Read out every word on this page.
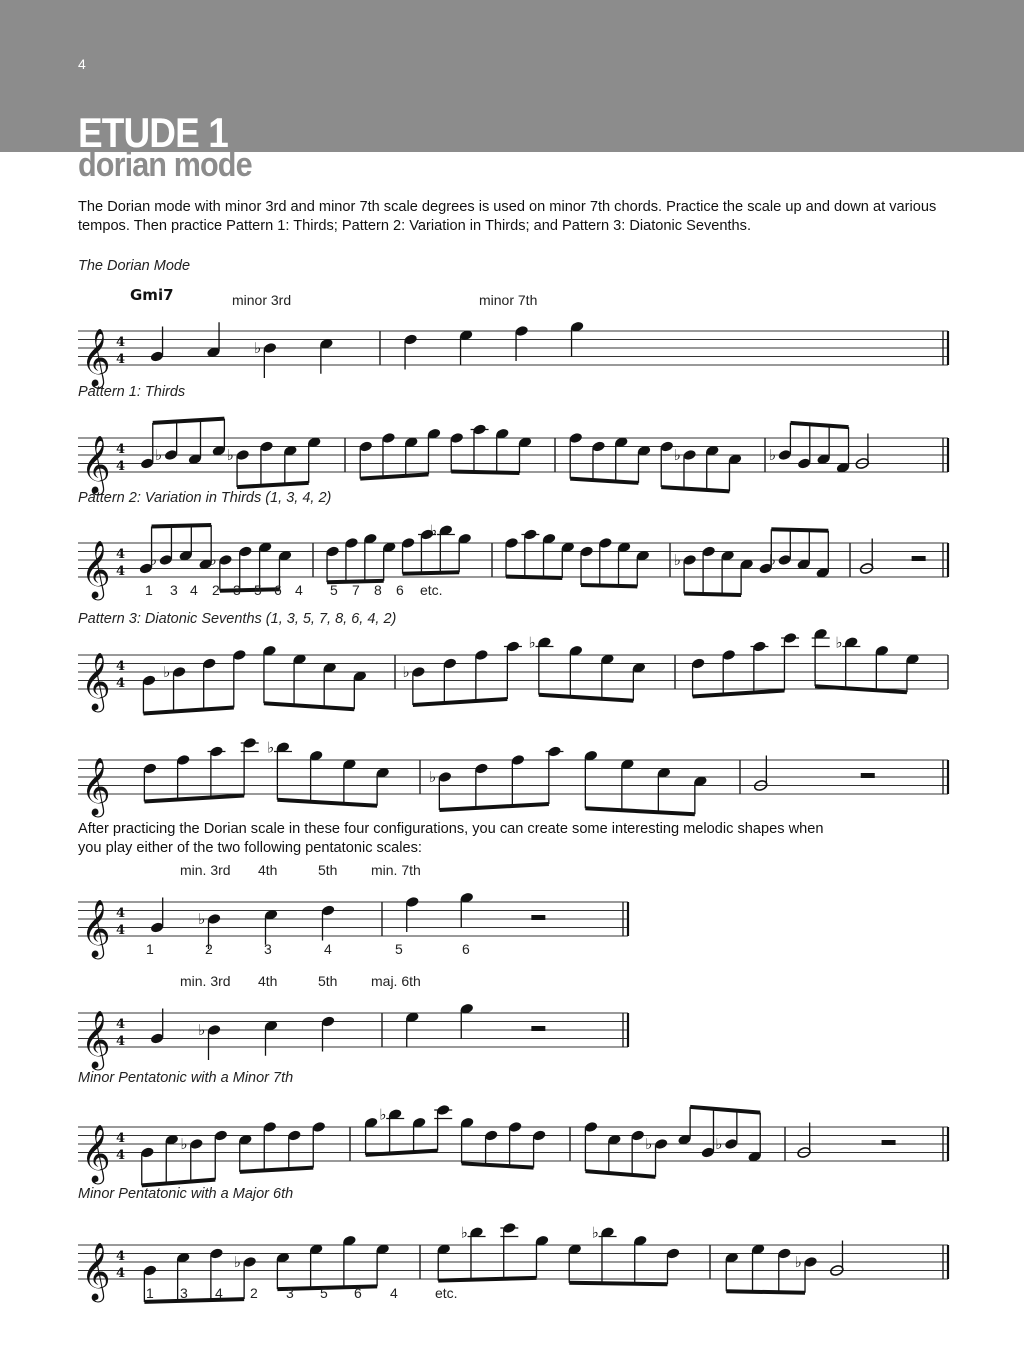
4
ETUDE 1
dorian mode
The Dorian mode with minor 3rd and minor 7th scale degrees is used on minor 7th chords. Practice the scale up and down at various tempos. Then practice Pattern 1: Thirds; Pattern 2: Variation in Thirds; and Pattern 3: Diatonic Sevenths.
The Dorian Mode
𝄞 4
4
♭
Gmi7	minor 3rd	minor 7th
Pattern 1: Thirds
𝄞 4
4
♭	♭	♭	♭
Pattern 2: Variation in Thirds (1, 3, 4, 2)
𝄞 4
4
♭	♭
♭
♭	♭
1 3 4 2 3 5 6 4 5 7 8 6 etc.
Pattern 3: Diatonic Sevenths (1, 3, 5, 7, 8, 6, 4, 2)
𝄞 4
4
♭	♭
♭	♭
𝄞
♭
♭
After practicing the Dorian scale in these four configurations, you can create some interesting melodic shapes when you play either of the two following pentatonic scales:
𝄞 4
4
♭
min. 3rd 4th	5th min. 7th
1	2	3	4	5	6
𝄞 4
4
♭
min. 3rd 4th	5th maj. 6th
Minor Pentatonic with a Minor 7th
𝄞 4
4
♭
♭
♭	♭
Minor Pentatonic with a Major 6th
𝄞 4
4
♭
♭	♭
♭
1 3 4 2 3 5 6 4	etc.
